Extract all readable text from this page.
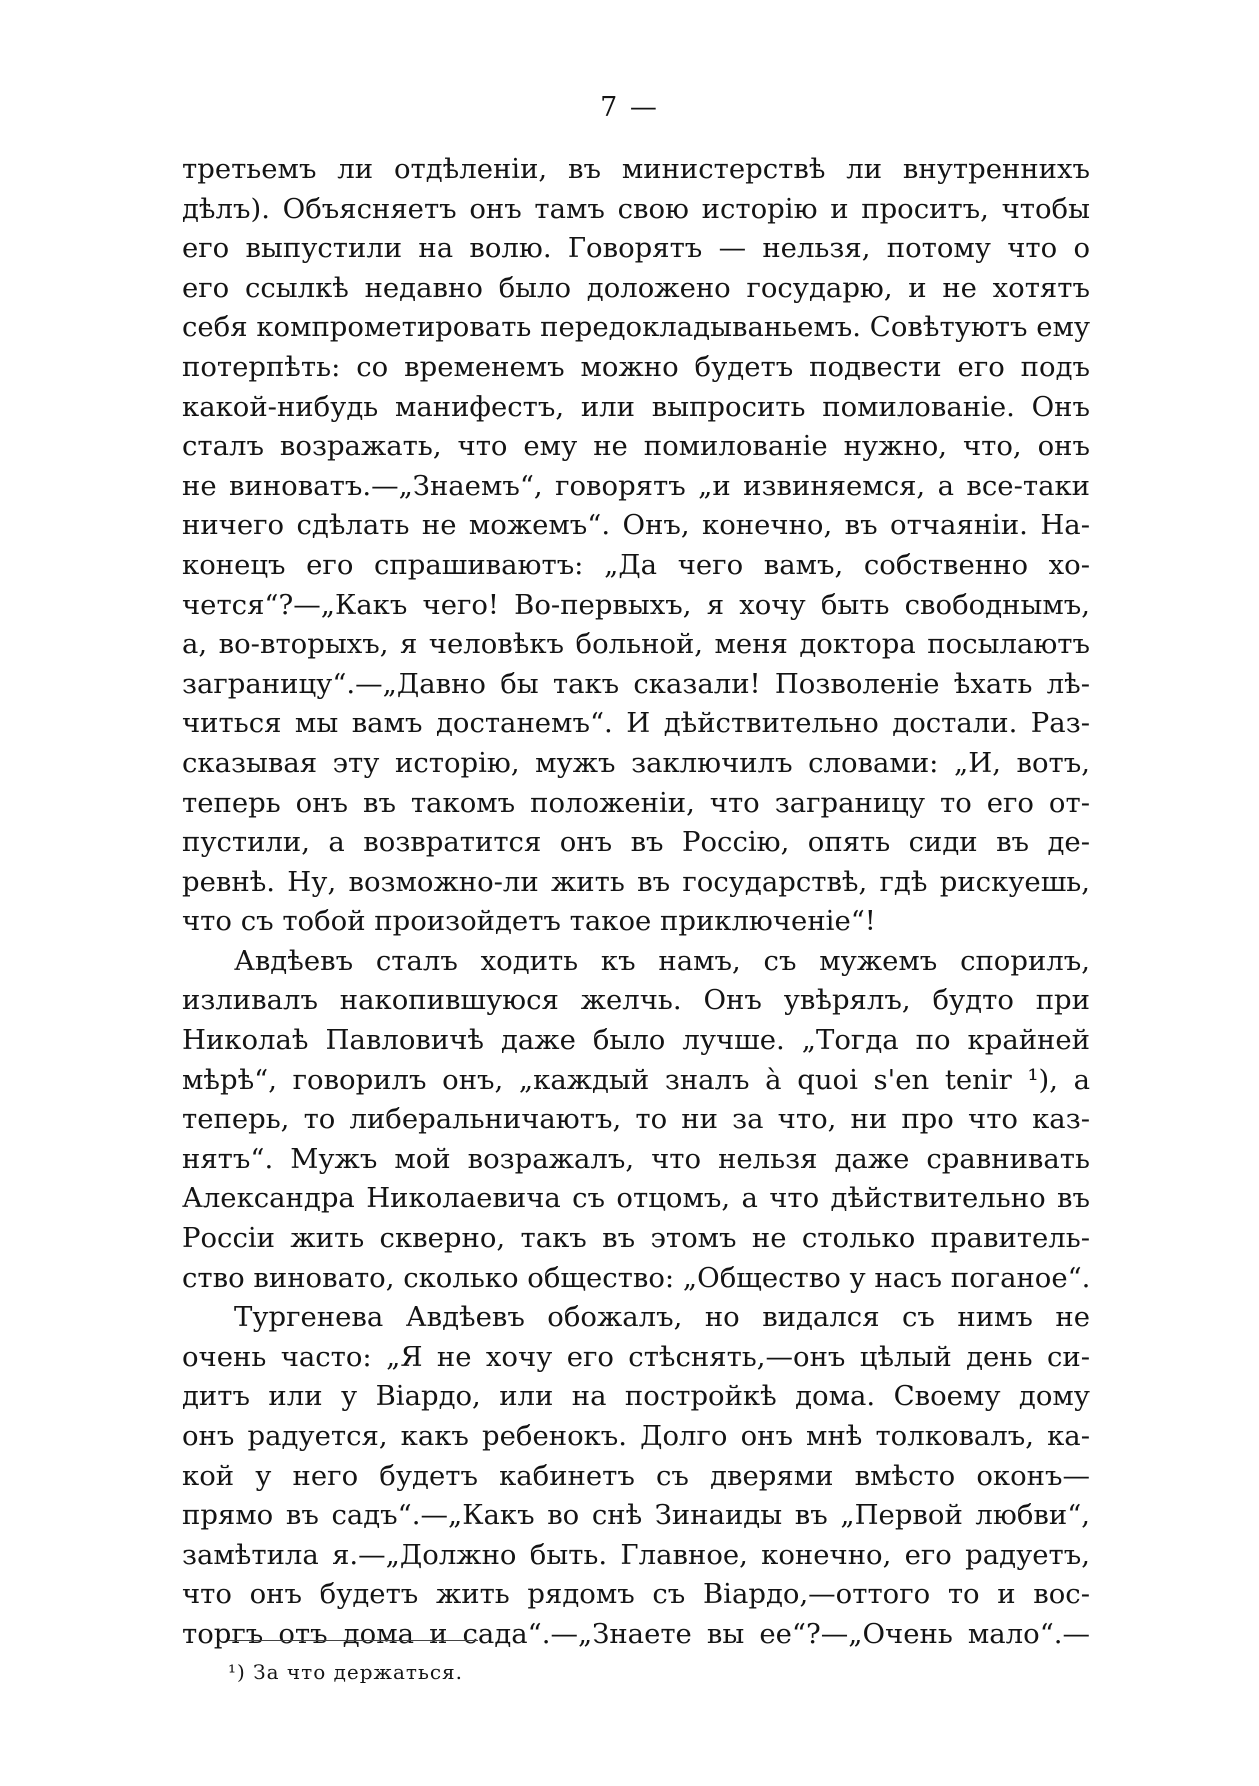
7 —
третьемъ ли отдѣленіи, въ министерствѣ ли внутреннихъ
дѣлъ). Объясняетъ онъ тамъ свою исторію и проситъ, чтобы
его выпустили на волю. Говорятъ — нельзя, потому что о
его ссылкѣ недавно было доложено государю, и не хотятъ
себя компрометировать передокладываньемъ. Совѣтуютъ ему
потерпѣть: со временемъ можно будетъ подвести его подъ
какой-нибудь манифестъ, или выпросить помилованіе. Онъ
сталъ возражать, что ему не помилованіе нужно, что, онъ
не виноватъ.—„Знаемъ“, говорятъ „и извиняемся, а все-таки
ничего сдѣлать не можемъ“. Онъ, конечно, въ отчаяніи. На-
конецъ его спрашиваютъ: „Да чего вамъ, собственно хо-
чется“?—„Какъ чего! Во-первыхъ, я хочу быть свободнымъ,
а, во-вторыхъ, я человѣкъ больной, меня доктора посылаютъ
заграницу“.—„Давно бы такъ сказали! Позволеніе ѣхать лѣ-
читься мы вамъ достанемъ“. И дѣйствительно достали. Раз-
сказывая эту исторію, мужъ заключилъ словами: „И, вотъ,
теперь онъ въ такомъ положеніи, что заграницу то его от-
пустили, а возвратится онъ въ Россію, опять сиди въ де-
ревнѣ. Ну, возможно-ли жить въ государствѣ, гдѣ рискуешь,
что съ тобой произойдетъ такое приключеніе“!
Авдѣевъ сталъ ходить къ намъ, съ мужемъ спорилъ,
изливалъ накопившуюся желчь. Онъ увѣрялъ, будто при
Николаѣ Павловичѣ даже было лучше. „Тогда по крайней
мѣрѣ“, говорилъ онъ, „каждый зналъ à quoi s'en tenir ¹), а
теперь, то либеральничаютъ, то ни за что, ни про что каз-
нятъ“. Мужъ мой возражалъ, что нельзя даже сравнивать
Александра Николаевича съ отцомъ, а что дѣйствительно въ
Россіи жить скверно, такъ въ этомъ не столько правитель-
ство виновато, сколько общество: „Общество у насъ поганое“.
Тургенева Авдѣевъ обожалъ, но видался съ нимъ не
очень часто: „Я не хочу его стѣснять,—онъ цѣлый день си-
дитъ или у Віардо, или на постройкѣ дома. Своему дому
онъ радуется, какъ ребенокъ. Долго онъ мнѣ толковалъ, ка-
кой у него будетъ кабинетъ съ дверями вмѣсто оконъ—
прямо въ садъ“.—„Какъ во снѣ Зинаиды въ „Первой любви“,
замѣтила я.—„Должно быть. Главное, конечно, его радуетъ,
что онъ будетъ жить рядомъ съ Віардо,—оттого то и вос-
торгъ отъ дома и сада“.—„Знаете вы ее“?—„Очень мало“.—
¹) За что держаться.
